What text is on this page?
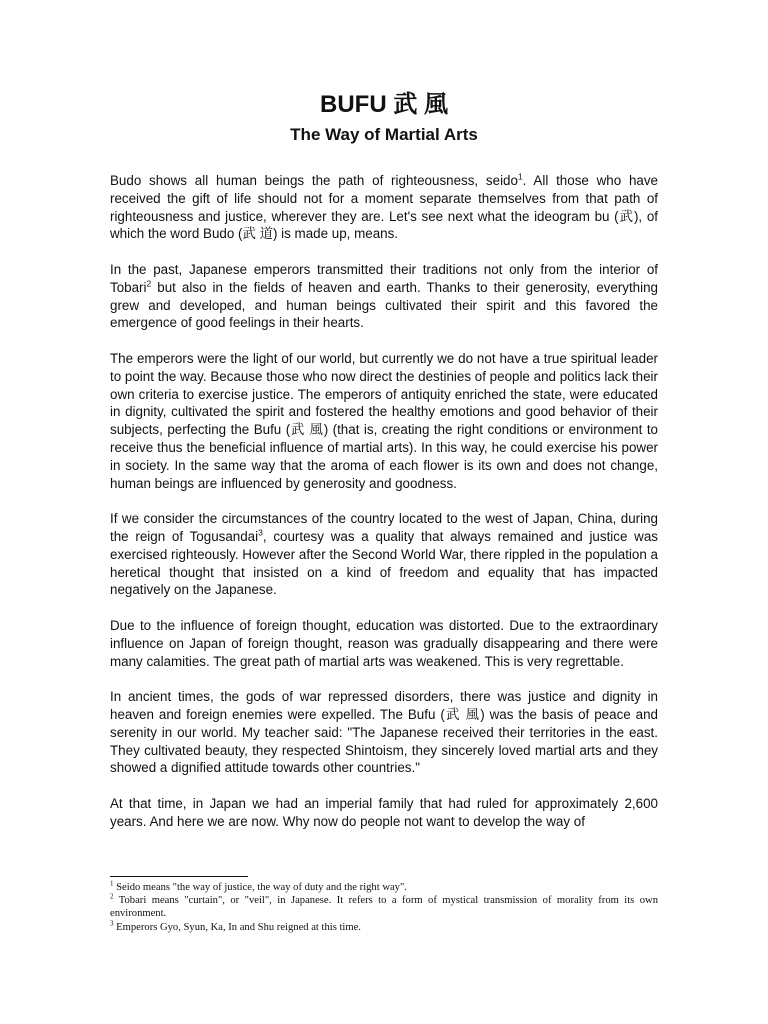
BUFU 武 風
The Way of Martial Arts

Budo shows all human beings the path of righteousness, seido$^1$. All those who have received the gift of life should not for a moment separate themselves from that path of righteousness and justice, wherever they are. Let's see next what the ideogram bu (武), of which the word Budo (武 道) is made up, means.

In the past, Japanese emperors transmitted their traditions not only from the interior of Tobari$^2$ but also in the fields of heaven and earth. Thanks to their generosity, everything grew and developed, and human beings cultivated their spirit and this favored the emergence of good feelings in their hearts.

The emperors were the light of our world, but currently we do not have a true spiritual leader to point the way. Because those who now direct the destinies of people and politics lack their own criteria to exercise justice. The emperors of antiquity enriched the state, were educated in dignity, cultivated the spirit and fostered the healthy emotions and good behavior of their subjects, perfecting the Bufu (武 風) (that is, creating the right conditions or environment to receive thus the beneficial influence of martial arts). In this way, he could exercise his power in society. In the same way that the aroma of each flower is its own and does not change, human beings are influenced by generosity and goodness.

If we consider the circumstances of the country located to the west of Japan, China, during the reign of Togusandai$^3$, courtesy was a quality that always remained and justice was exercised righteously. However after the Second World War, there rippled in the population a heretical thought that insisted on a kind of freedom and equality that has impacted negatively on the Japanese.

Due to the influence of foreign thought, education was distorted. Due to the extraordinary influence on Japan of foreign thought, reason was gradually disappearing and there were many calamities. The great path of martial arts was weakened. This is very regrettable.

In ancient times, the gods of war repressed disorders, there was justice and dignity in heaven and foreign enemies were expelled. The Bufu (武 風) was the basis of peace and serenity in our world. My teacher said: "The Japanese received their territories in the east. They cultivated beauty, they respected Shintoism, they sincerely loved martial arts and they showed a dignified attitude towards other countries."

At that time, in Japan we had an imperial family that had ruled for approximately 2,600 years. And here we are now. Why now do people not want to develop the way of

$^1$ Seido means "the way of justice, the way of duty and the right way".

$^2$ Tobari means "curtain", or "veil", in Japanese. It refers to a form of mystical transmission of morality from its own environment.

$^3$ Emperors Gyo, Syun, Ka, In and Shu reigned at this time.
